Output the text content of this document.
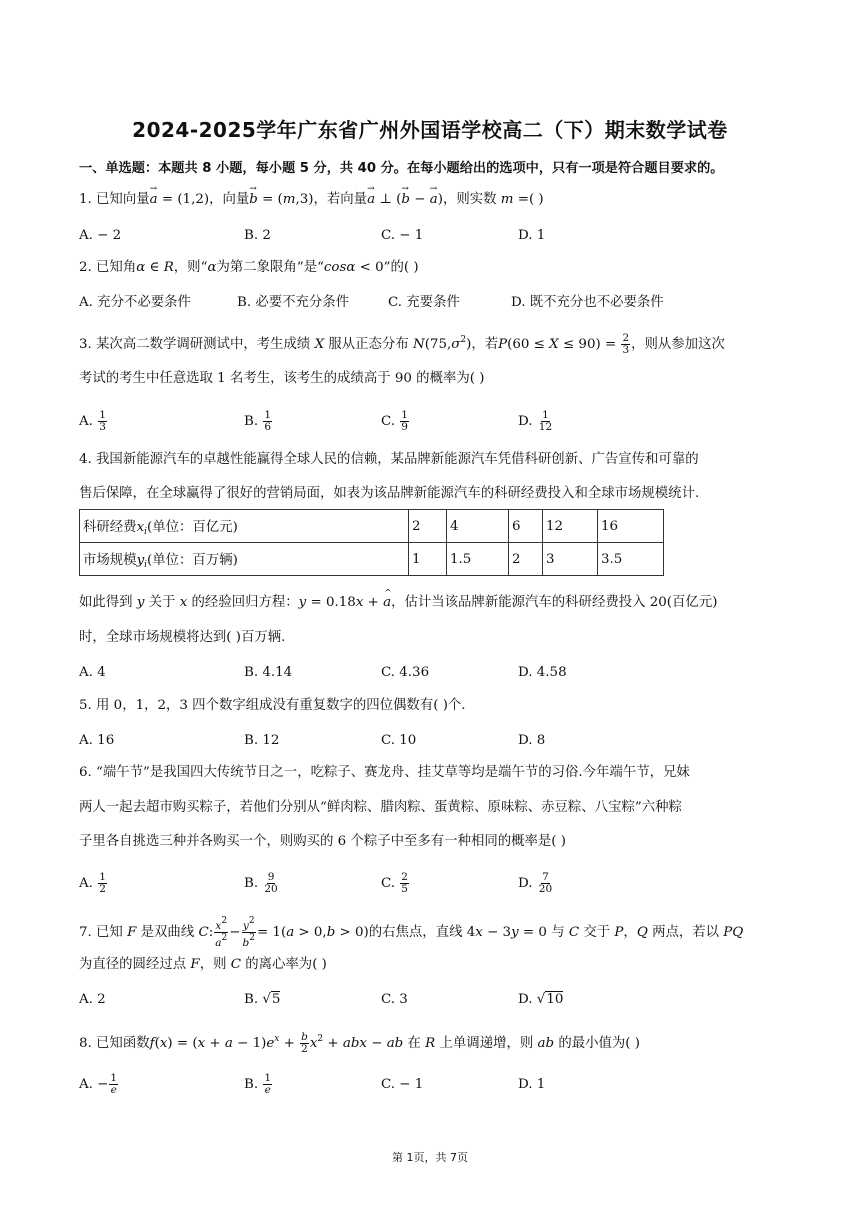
2024-2025学年广东省广州外国语学校高二（下）期末数学试卷
一、单选题：本题共 8 小题，每小题 5 分，共 40 分。在每小题给出的选项中，只有一项是符合题目要求的。
1. 已知向量→ a = (1,2)，向量→ b = (m,3)，若向量→ a ⊥ (→ b − → a)，则实数 m =( )
A. − 2	B. 2	C. − 1	D. 1
2. 已知角α ∈ R，则“α为第二象限角”是“cosα < 0”的( )
A. 充分不必要条件	B. 必要不充分条件	C. 充要条件	D. 既不充分也不必要条件
3. 某次高二数学调研测试中，考生成绩 X 服从正态分布 $N(75,\sigma^2)$，若$P(60 \le X \le 90) = \frac{2}{3}$ ，则从参加这次
考试的考生中任意选取 1 名考生，该考生的成绩高于 90 的概率为( )
A. $\frac{1}{3}$	B. $\frac{1}{6}$	C. $\frac{1}{9}$	D. $\frac{1}{12}$
4. 我国新能源汽车的卓越性能赢得全球人民的信赖，某品牌新能源汽车凭借科研创新、广告宣传和可靠的
售后保障，在全球赢得了很好的营销局面，如表为该品牌新能源汽车的科研经费投入和全球市场规模统计.
科研经费$x_i$(单位：百亿元)	2	4	6	12	16
市场规模$y_i$(单位：百万辆)	1	1.5	2	3	3.5
如此得到 y 关于 x 的经验回归方程：y = 0.18x + ^ a，估计当该品牌新能源汽车的科研经费投入 20(百亿元)
时，全球市场规模将达到( )百万辆.
A. 4	B. 4.14	C. 4.36	D. 4.58
5. 用 0，1，2，3 四个数字组成没有重复数字的四位偶数有( )个.
A. 16	B. 12	C. 10	D. 8
6. “端午节”是我国四大传统节日之一，吃粽子、赛龙舟、挂艾草等均是端午节的习俗.今年端午节，兄妹
两人一起去超市购买粽子，若他们分别从“鲜肉粽、腊肉粽、蛋黄粽、原味粽、赤豆粽、八宝粽”六种粽
子里各自挑选三种并各购买一个，则购买的 6 个粽子中至多有一种相同的概率是( )
A. $\frac{1}{2}$	B. $\frac{9}{20}$	C. $\frac{2}{5}$	D. $\frac{7}{20}$
7. 已知 F 是双曲线 C: $\frac{x^2}{a^2} - \frac{y^2}{b^2} = 1(a > 0,b > 0)$的右焦点，直线 4x − 3y = 0 与 C 交于 P，Q 两点，若以 PQ
为直径的圆经过点 F，则 C 的离心率为( )
A. 2	B. √5	C. 3	D. √10
8. 已知函数$f(x) = (x + a - 1)e^x + \frac{b}{2} x^2$ + abx − ab 在 R 上单调递增，则 ab 的最小值为( )
A. − $\frac{1}{e}$	B. $\frac{1}{e}$	C. − 1	D. 1
第 1页，共 7页
